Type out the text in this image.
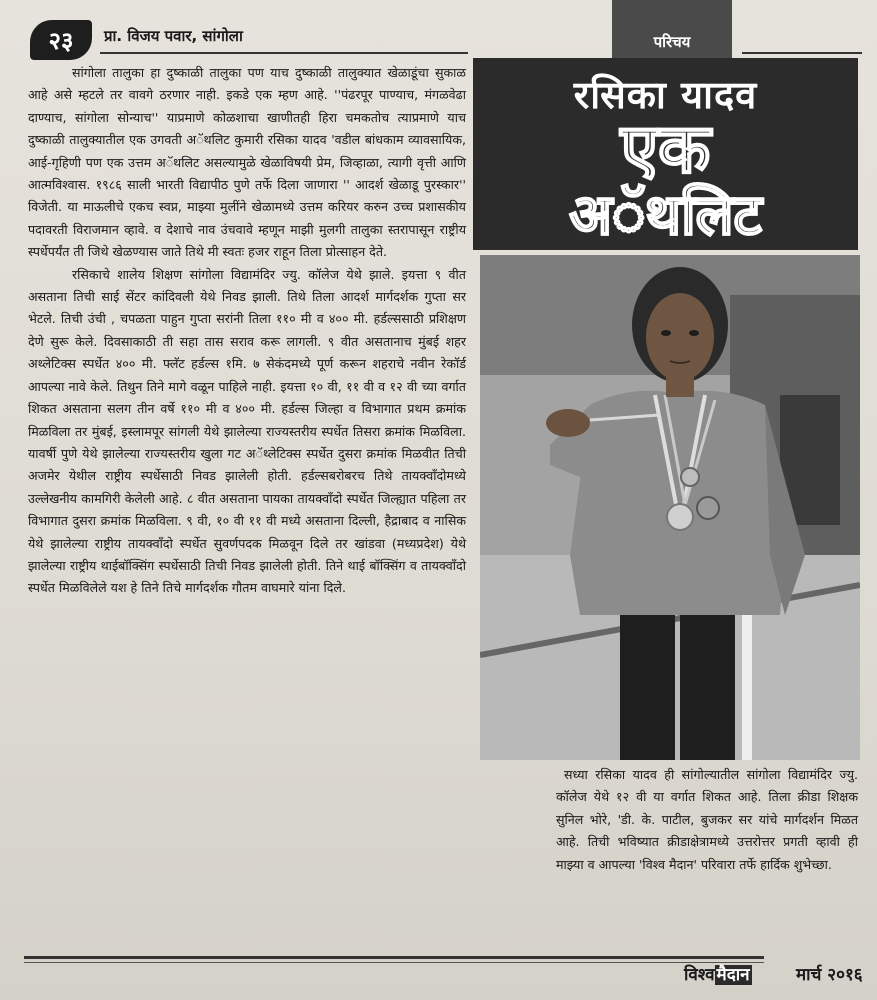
२३	प्रा. विजय पवार, सांगोला	परिचय
रसिका यादव
एक
अॅथलिट

सांगोला तालुका हा दुष्काळी तालुका पण याच दुष्काळी तालुक्यात खेळाडूंचा सुकाळ आहे असे म्हटले तर वावगे ठरणार नाही. इकडे एक म्हण आहे. ''पंढरपूर पाण्याच, मंगळवेढा दाण्याच, सांगोला सोन्याच'' याप्रमाणे कोळशाचा खाणीतही हिरा चमकतोच त्याप्रमाणे याच दुष्काळी तालुक्यातील एक उगवती अॅथलिट कुमारी रसिका यादव 'वडील बांधकाम व्यावसायिक, आई-गृहिणी पण एक उत्तम अॅथलिट असल्यामुळे खेळाविषयी प्रेम, जिव्हाळा, त्यागी वृत्ती आणि आत्मविश्वास. १९८६ साली भारती विद्यापीठ पुणे तर्फे दिला जाणारा '' आदर्श खेळाडू पुरस्कार'' विजेती. या माऊलीचे एकच स्वप्न, माझ्या मुलींने खेळामध्ये उत्तम करियर करुन उच्च प्रशासकीय पदावरती विराजमान व्हावे. व देशाचे नाव उंचवावे म्हणून माझी मुलगी तालुका स्तरापासून राष्ट्रीय स्पर्धेपर्यंत ती जिथे खेळण्यास जाते तिथे मी स्वतः हजर राहून तिला प्रोत्साहन देते.

रसिकाचे शालेय शिक्षण सांगोला विद्यामंदिर ज्यु. कॉलेज येथे झाले. इयत्ता ९ वीत असताना तिची साई सेंटर कांदिवली येथे निवड झाली. तिथे तिला आदर्श मार्गदर्शक गुप्ता सर भेटले. तिची उंची , चपळता पाहुन गुप्ता सरांनी तिला ११० मी व ४०० मी. हर्डल्ससाठी प्रशिक्षण देणे सुरू केले. दिवसाकाठी ती सहा तास सराव करू लागली. ९ वीत असतानाच मुंबई शहर अथ्लेटिक्स स्पर्धेत ४०० मी. फ्लॅट हर्डल्स १मि. ७ सेकंदमध्ये पूर्ण करून शहराचे नवीन रेकॉर्ड आपल्या नावे केले. तिथुन तिने मागे वळून पाहिले नाही. इयत्ता १० वी, ११ वी व १२ वी च्या वर्गात शिकत असताना सलग तीन वर्षे ११० मी व ४०० मी. हर्डल्स जिल्हा व विभागात प्रथम क्रमांक मिळविला तर मुंबई, इस्लामपूर सांगली येथे झालेल्या राज्यस्तरीय स्पर्धेत तिसरा क्रमांक मिळविला. यावर्षी पुणे येथे झालेल्या राज्यस्तरीय खुला गट अॅथ्लेटिक्स स्पर्धेत दुसरा क्रमांक मिळवीत तिची अजमेर येथील राष्ट्रीय स्पर्धेसाठी निवड झालेली होती. हर्डल्सबरोबरच तिथे तायक्वाँदोमध्ये उल्लेखनीय कामगिरी केलेली आहे. ८ वीत असताना पायका तायक्वाँदो स्पर्धेत जिल्ह्यात पहिला तर विभागात दुसरा क्रमांक मिळविला. ९ वी, १० वी ११ वी मध्ये असताना दिल्ली, हैद्राबाद व नासिक येथे झालेल्या राष्ट्रीय तायक्वाँदो स्पर्धेत सुवर्णपदक मिळवून दिले तर खांडवा (मध्यप्रदेश) येथे झालेल्या राष्ट्रीय थाईबॉक्सिंग स्पर्धेसाठी तिची निवड झालेली होती. तिने थाई बॉक्सिंग व तायक्वाँदो स्पर्धेत मिळविलेले यश हे तिने तिचे मार्गदर्शक गौतम वाघमारे यांना दिले.

सध्या रसिका यादव ही सांगोल्यातील सांगोला विद्यामंदिर ज्यु. कॉलेज येथे १२ वी या वर्गात शिकत आहे. तिला क्रीडा शिक्षक सुनिल भोरे, 'डी. के. पाटील, बुजकर सर यांचे मार्गदर्शन मिळत आहे. तिची भविष्यात क्रीडाक्षेत्रामध्ये उत्तरोत्तर प्रगती व्हावी ही माझ्या व आपल्या 'विश्व मैदान' परिवारा तर्फे हार्दिक शुभेच्छा.

विश्व मैदान	मार्च २०१६
